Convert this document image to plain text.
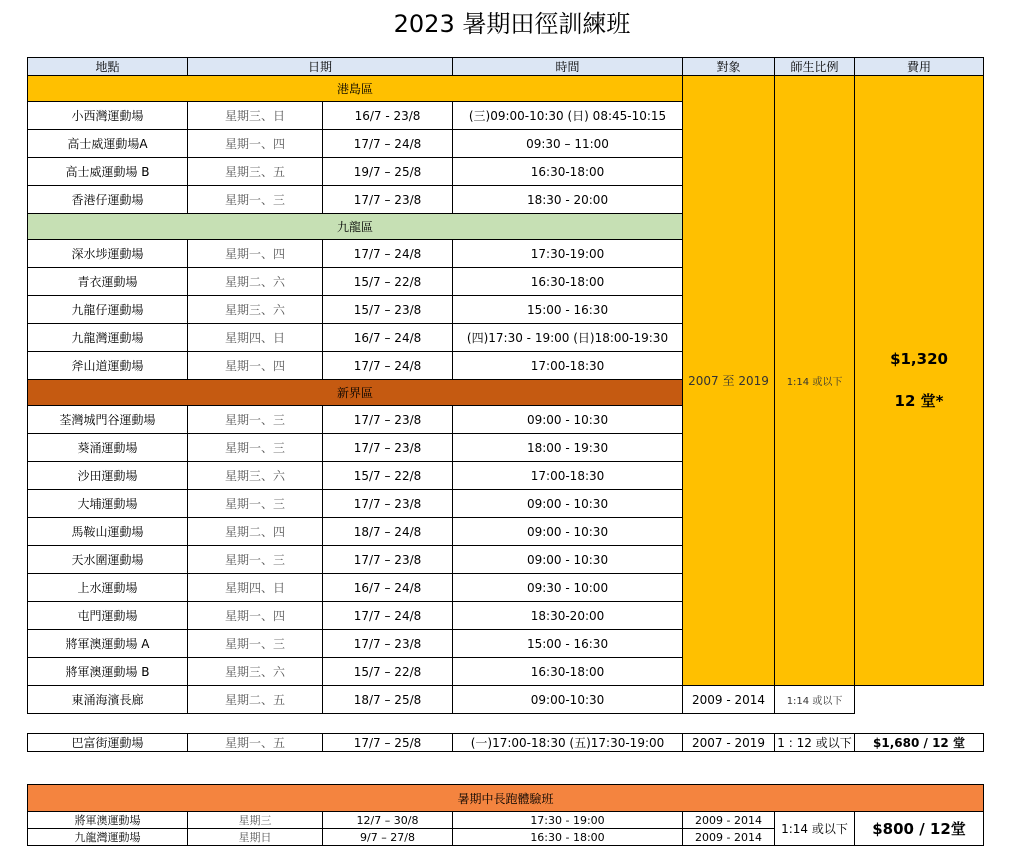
2023 暑期田徑訓練班
地點	日期		時間	對象	師生比例	費用
港島區				2007 至 2019	1:14 或以下	$1,320
12 堂*

小西灣運動場	星期三、日	16/7 - 23/8	(三)09:00-10:30 (日) 08:45-10:15			
高士威運動場A	星期一、四	17/7 – 24/8	09:30 – 11:00			
高士威運動場 B	星期三、五	19/7 – 25/8	16:30-18:00			
香港仔運動場	星期一、三	17/7 – 23/8	18:30 - 20:00			
九龍區						
深水埗運動場	星期一、四	17/7 – 24/8	17:30-19:00			
青衣運動場	星期二、六	15/7 – 22/8	16:30-18:00			
九龍仔運動場	星期三、六	15/7 – 23/8	15:00 - 16:30			
九龍灣運動場	星期四、日	16/7 – 24/8	(四)17:30 - 19:00 (日)18:00-19:30			
斧山道運動場	星期一、四	17/7 – 24/8	17:00-18:30			
新界區						
荃灣城門谷運動場	星期一、三	17/7 – 23/8	09:00 - 10:30			
葵涌運動場	星期一、三	17/7 – 23/8	18:00 - 19:30			
沙田運動場	星期三、六	15/7 – 22/8	17:00-18:30			
大埔運動場	星期一、三	17/7 – 23/8	09:00 - 10:30			
馬鞍山運動場	星期二、四	18/7 – 24/8	09:00 - 10:30			
天水圍運動場	星期一、三	17/7 – 23/8	09:00 - 10:30			
上水運動場	星期四、日	16/7 – 24/8	09:30 - 10:00			
屯門運動場	星期一、四	17/7 – 24/8	18:30-20:00			
將軍澳運動場 A	星期一、三	17/7 – 23/8	15:00 - 16:30			
將軍澳運動場 B	星期三、六	15/7 – 22/8	16:30-18:00			
東涌海濱長廊	星期二、五	18/7 – 25/8	09:00-10:30	2009 - 2014	1:14 或以下	
巴富街運動場	星期一、五	17/7 – 25/8	(一)17:00-18:30 (五)17:30-19:00	2007 - 2019	1 : 12 或以下	$1,680 / 12 堂
暑期中長跑體驗班						
將軍澳運動場	星期三	12/7 – 30/8	17:30 - 19:00	2009 - 2014	1:14 或以下	$800 / 12堂
九龍灣運動場	星期日	9/7 – 27/8	16:30 - 18:00	2009 - 2014		
